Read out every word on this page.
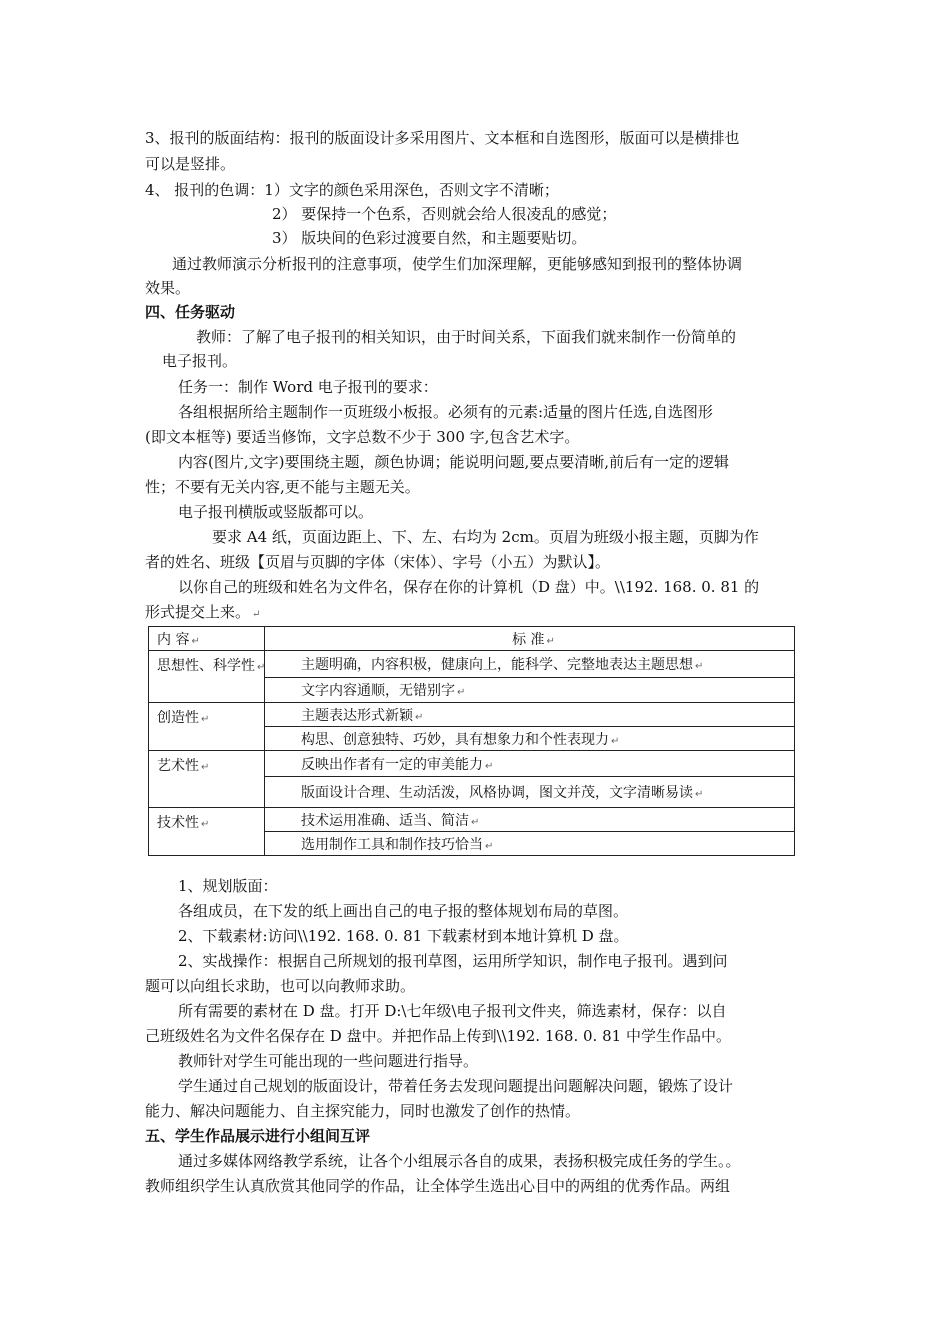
3、报刊的版面结构：报刊的版面设计多采用图片、文本框和自选图形，版面可以是横排也
可以是竖排。
4、 报刊的色调：1）文字的颜色采用深色，否则文字不清晰；
2） 要保持一个色系，否则就会给人很凌乱的感觉；
3） 版块间的色彩过渡要自然，和主题要贴切。
通过教师演示分析报刊的注意事项，使学生们加深理解，更能够感知到报刊的整体协调
效果。
四、任务驱动
教师：了解了电子报刊的相关知识，由于时间关系，下面我们就来制作一份简单的
电子报刊。
任务一：制作 Word 电子报刊的要求：
各组根据所给主题制作一页班级小板报。必须有的元素:适量的图片任选,自选图形
(即文本框等) 要适当修饰，文字总数不少于 300 字,包含艺术字。
内容(图片,文字)要围绕主题，颜色协调；能说明问题,要点要清晰,前后有一定的逻辑
性；不要有无关内容,更不能与主题无关。
电子报刊横版或竖版都可以。
要求 A4 纸，页面边距上、下、左、右均为 2cm。页眉为班级小报主题，页脚为作
者的姓名、班级【页眉与页脚的字体（宋体）、字号（小五）为默认】。
以你自己的班级和姓名为文件名，保存在你的计算机（D 盘）中。\\192. 168. 0. 81 的
形式提交上来。 ↵
内 容 ↵	标 准 ↵
思想性、科学性 ↵	主题明确，内容积极，健康向上，能科学、完整地表达主题思想 ↵
	文字内容通顺，无错别字 ↵
创造性 ↵	主题表达形式新颖 ↵
	构思、创意独特、巧妙，具有想象力和个性表现力 ↵
艺术性 ↵	反映出作者有一定的审美能力 ↵
	版面设计合理、生动活泼，风格协调，图文并茂，文字清晰易读 ↵
技术性 ↵	技术运用准确、适当、简洁 ↵
	选用制作工具和制作技巧恰当 ↵
1、规划版面：
各组成员，在下发的纸上画出自己的电子报的整体规划布局的草图。
2、下载素材:访问\\192. 168. 0. 81 下载素材到本地计算机 D 盘。
2、实战操作：根据自己所规划的报刊草图，运用所学知识，制作电子报刊。遇到问
题可以向组长求助，也可以向教师求助。
所有需要的素材在 D 盘。打开 D:\七年级\电子报刊文件夹，筛选素材，保存：以自
己班级姓名为文件名保存在 D 盘中。并把作品上传到\\192. 168. 0. 81 中学生作品中。
教师针对学生可能出现的一些问题进行指导。
学生通过自己规划的版面设计，带着任务去发现问题提出问题解决问题，锻炼了设计
能力、解决问题能力、自主探究能力，同时也激发了创作的热情。
五、学生作品展示进行小组间互评
通过多媒体网络教学系统，让各个小组展示各自的成果，表扬积极完成任务的学生。。
教师组织学生认真欣赏其他同学的作品，让全体学生选出心目中的两组的优秀作品。两组
